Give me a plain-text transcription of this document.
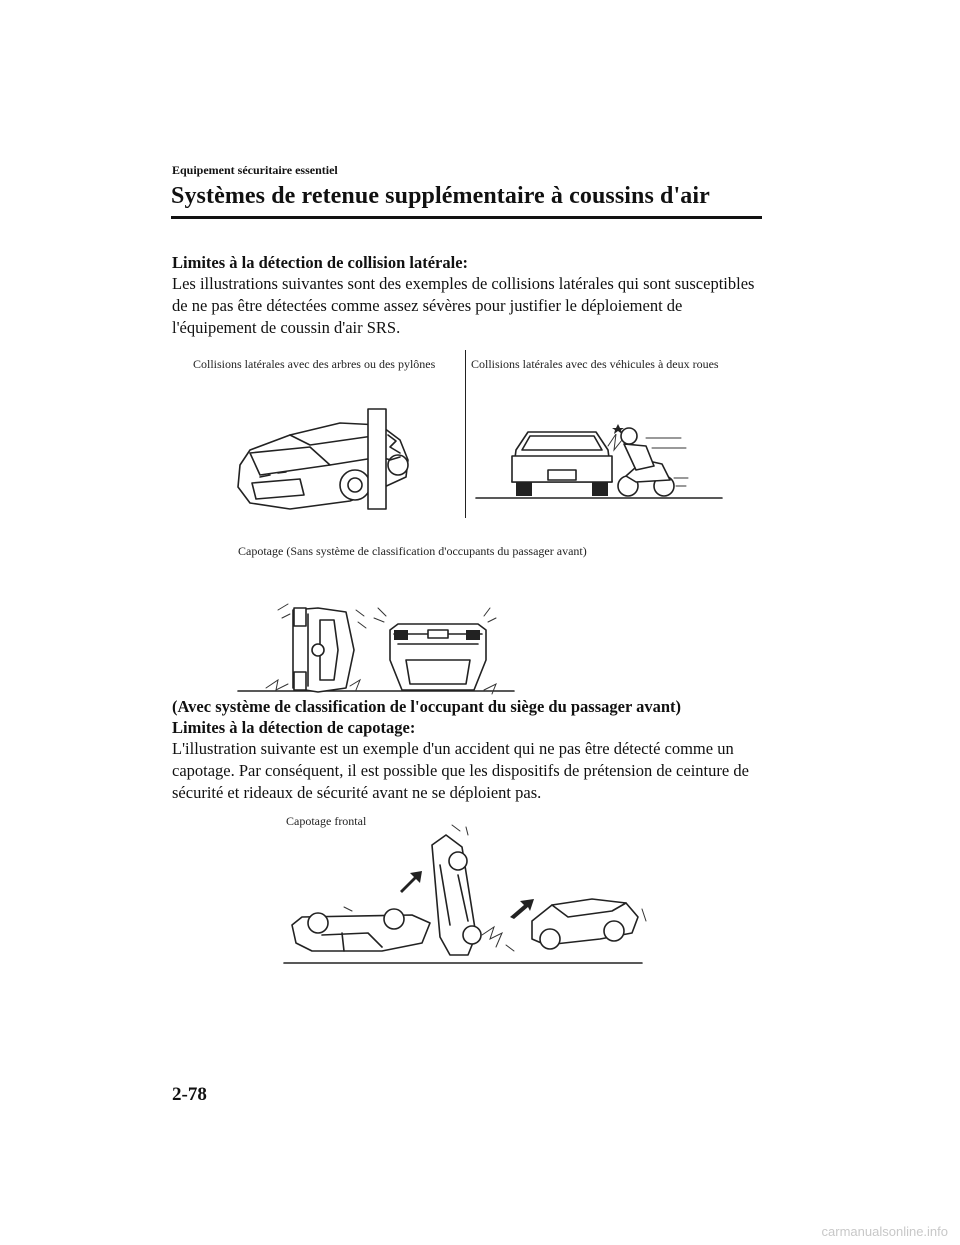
Equipement sécuritaire essentiel
Systèmes de retenue supplémentaire à coussins d'air
Limites à la détection de collision latérale:
Les illustrations suivantes sont des exemples de collisions latérales qui sont susceptibles de ne pas être détectées comme assez sévères pour justifier le déploiement de l'équipement de coussin d'air SRS.
Collisions latérales avec des arbres ou des pylônes	Collisions latérales avec des véhicules à deux roues
Capotage (Sans système de classification d'occupants du passager avant)
(Avec système de classification de l'occupant du siège du passager avant)
Limites à la détection de capotage:
L'illustration suivante est un exemple d'un accident qui ne pas être détecté comme un capotage. Par conséquent, il est possible que les dispositifs de prétension de ceinture de sécurité et rideaux de sécurité avant ne se déploient pas.
Capotage frontal
2-78
carmanualsonline.info
